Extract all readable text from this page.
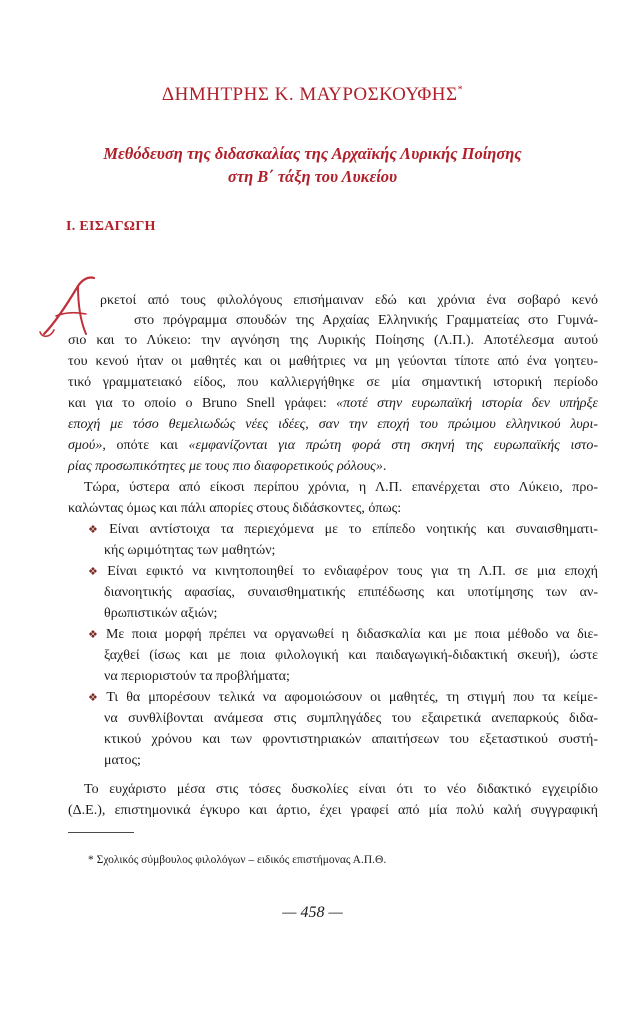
ΔΗΜΗΤΡΗΣ Κ. ΜΑΥΡΟΣΚΟΥΦΗΣ*
Μεθόδευση της διδασκαλίας της Αρχαϊκής Λυρικής Ποίησης
στη Β΄ τάξη του Λυκείου
Ι. ΕΙΣΑΓΩΓΗ
ρκετοί από τους φιλολόγους επισήμαιναν εδώ και χρόνια ένα σοβαρό κενό
στο πρόγραμμα σπουδών της Αρχαίας Ελληνικής Γραμματείας στο Γυμνά-
σιο και το Λύκειο: την αγνόηση της Λυρικής Ποίησης (Λ.Π.). Αποτέλεσμα αυτού
του κενού ήταν οι μαθητές και οι μαθήτριες να μη γεύονται τίποτε από ένα γοητευ-
τικό γραμματειακό είδος, που καλλιεργήθηκε σε μία σημαντική ιστορική περίοδο
και για το οποίο ο Bruno Snell γράφει: «ποτέ στην ευρωπαϊκή ιστορία δεν υπήρξε
εποχή με τόσο θεμελιωδώς νέες ιδέες, σαν την εποχή του πρώιμου ελληνικού λυρι-
σμού», οπότε και «εμφανίζονται για πρώτη φορά στη σκηνή της ευρωπαϊκής ιστο-
ρίας προσωπικότητες με τους πιο διαφορετικούς ρόλους».
Τώρα, ύστερα από είκοσι περίπου χρόνια, η Λ.Π. επανέρχεται στο Λύκειο, προ-
καλώντας όμως και πάλι απορίες στους διδάσκοντες, όπως:
❖ Είναι αντίστοιχα τα περιεχόμενα με το επίπεδο νοητικής και συναισθηματι-
κής ωριμότητας των μαθητών;
❖ Είναι εφικτό να κινητοποιηθεί το ενδιαφέρον τους για τη Λ.Π. σε μια εποχή
διανοητικής αφασίας, συναισθηματικής επιπέδωσης και υποτίμησης των αν-
θρωπιστικών αξιών;
❖ Με ποια μορφή πρέπει να οργανωθεί η διδασκαλία και με ποια μέθοδο να διε-
ξαχθεί (ίσως και με ποια φιλολογική και παιδαγωγική-διδακτική σκευή), ώστε
να περιοριστούν τα προβλήματα;
❖ Τι θα μπορέσουν τελικά να αφομοιώσουν οι μαθητές, τη στιγμή που τα κείμε-
να συνθλίβονται ανάμεσα στις συμπληγάδες του εξαιρετικά ανεπαρκούς διδα-
κτικού χρόνου και των φροντιστηριακών απαιτήσεων του εξεταστικού συστή-
ματος;
Το ευχάριστο μέσα στις τόσες δυσκολίες είναι ότι το νέο διδακτικό εγχειρίδιο
(Δ.Ε.), επιστημονικά έγκυρο και άρτιο, έχει γραφεί από μία πολύ καλή συγγραφική
* Σχολικός σύμβουλος φιλολόγων – ειδικός επιστήμονας Α.Π.Θ.
— 458 —
